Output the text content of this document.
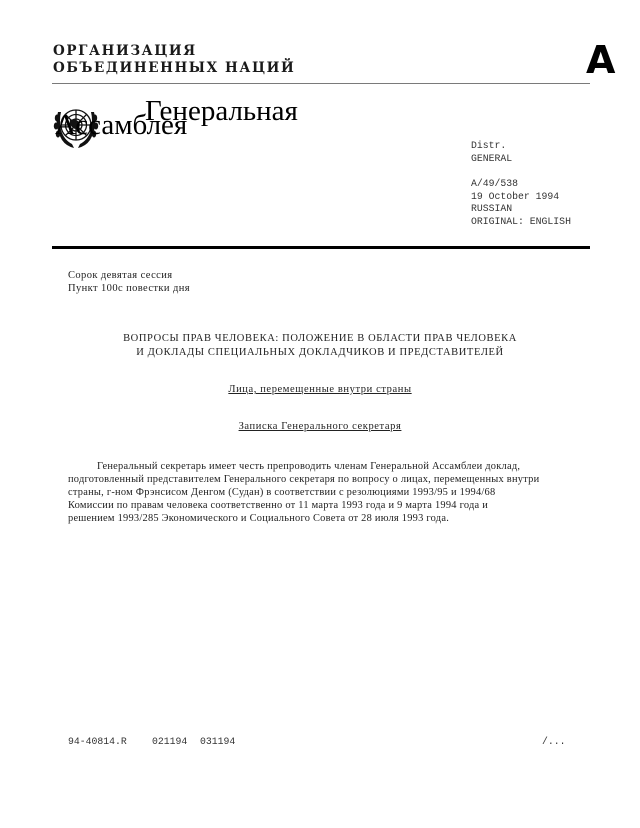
ОРГАНИЗАЦИЯ
ОБЪЕДИНЕННЫХ НАЦИЙ	A
Генеральная
Ассамблея
Distr.
GENERAL
A/49/538
19 October 1994
RUSSIAN
ORIGINAL: ENGLISH
Сорок девятая сессия
Пункт 100с повестки дня
ВОПРОСЫ ПРАВ ЧЕЛОВЕКА: ПОЛОЖЕНИЕ В ОБЛАСТИ ПРАВ ЧЕЛОВЕКА
И ДОКЛАДЫ СПЕЦИАЛЬНЫХ ДОКЛАДЧИКОВ И ПРЕДСТАВИТЕЛЕЙ
Лица, перемещенные внутри страны
Записка Генерального секретаря
Генеральный секретарь имеет честь препроводить членам Генеральной Ассамблеи доклад,
подготовленный представителем Генерального секретаря по вопросу о лицах, перемещенных внутри
страны, г-ном Фрэнсисом Денгом (Судан) в соответствии с резолюциями 1993/95 и 1994/68
Комиссии по правам человека соответственно от 11 марта 1993 года и 9 марта 1994 года и
решением 1993/285 Экономического и Социального Совета от 28 июля 1993 года.
94-40814.R	021194 031194	/...
